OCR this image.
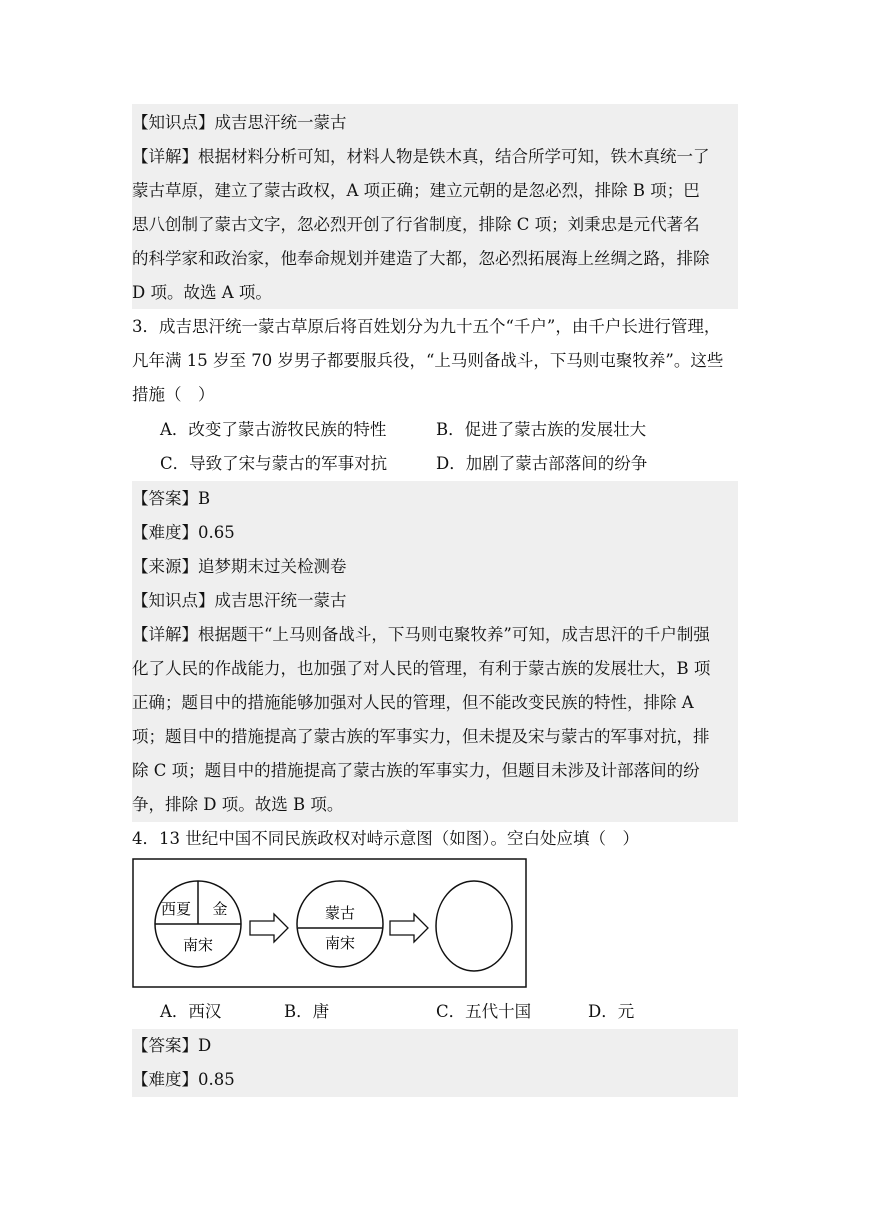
【知识点】成吉思汗统一蒙古
【详解】根据材料分析可知，材料人物是铁木真，结合所学可知，铁木真统一了
蒙古草原，建立了蒙古政权，A 项正确；建立元朝的是忽必烈，排除 B 项；巴
思八创制了蒙古文字，忽必烈开创了行省制度，排除 C 项；刘秉忠是元代著名
的科学家和政治家，他奉命规划并建造了大都，忽必烈拓展海上丝绸之路，排除
D 项。故选 A 项。
3．成吉思汗统一蒙古草原后将百姓划分为九十五个“千户”，由千户长进行管理，
凡年满 15 岁至 70 岁男子都要服兵役，“上马则备战斗，下马则屯聚牧养”。这些
措施（　）
A．改变了蒙古游牧民族的特性	B．促进了蒙古族的发展壮大
C．导致了宋与蒙古的军事对抗	D．加剧了蒙古部落间的纷争
【答案】B
【难度】0.65
【来源】追梦期末过关检测卷
【知识点】成吉思汗统一蒙古
【详解】根据题干“上马则备战斗，下马则屯聚牧养”可知，成吉思汗的千户制强
化了人民的作战能力，也加强了对人民的管理，有利于蒙古族的发展壮大，B 项
正确；题目中的措施能够加强对人民的管理，但不能改变民族的特性，排除 A
项；题目中的措施提高了蒙古族的军事实力，但未提及宋与蒙古的军事对抗，排
除 C 项；题目中的措施提高了蒙古族的军事实力，但题目未涉及计部落间的纷
争，排除 D 项。故选 B 项。
4．13 世纪中国不同民族政权对峙示意图（如图）。空白处应填（　）
西夏 金
南宋
蒙古
南宋
A．西汉	B．唐	C．五代十国	D．元
【答案】D
【难度】0.85
